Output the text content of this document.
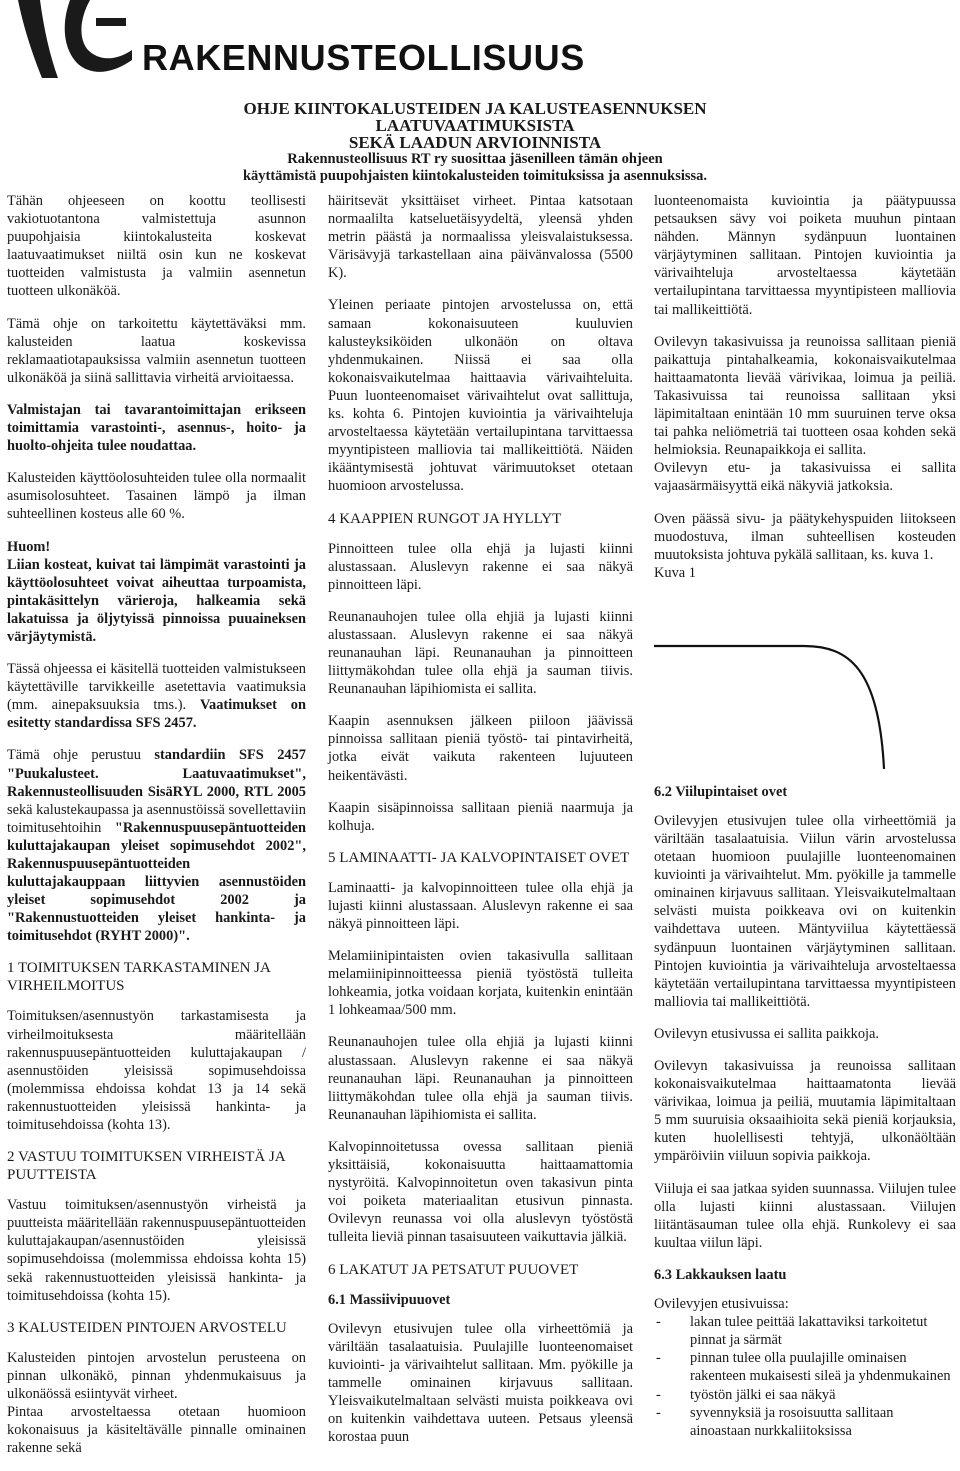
RAKENNUSTEOLLISUUS
OHJE KIINTOKALUSTEIDEN JA KALUSTEASENNUKSEN LAATUVAATIMUKSISTA
SEKÄ LAADUN ARVIOINNISTA
Rakennusteollisuus RT ry suosittaa jäsenilleen tämän ohjeen
käyttämistä puupohjaisten kiintokalusteiden toimituksissa ja asennuksissa.

Tähän ohjeeseen on koottu teollisesti vakiotuotantona valmistettuja asunnon puupohjaisia kiintokalusteita koskevat laatuvaatimukset niiltä osin kun ne koskevat tuotteiden valmistusta ja valmiin asennetun tuotteen ulkonäköä.

Tämä ohje on tarkoitettu käytettäväksi mm. kalusteiden laatua koskevissa reklamaatiotapauksissa valmiin asennetun tuotteen ulkonäköä ja siinä sallittavia virheitä arvioitaessa.

Valmistajan tai tavarantoimittajan erikseen toimittamia varastointi-, asennus-, hoito- ja huolto-ohjeita tulee noudattaa.

Kalusteiden käyttöolosuhteiden tulee olla normaalit asumisolosuhteet. Tasainen lämpö ja ilman suhteellinen kosteus alle 60 %.

Huom!

Liian kosteat, kuivat tai lämpimät varastointi ja käyttöolosuhteet voivat aiheuttaa turpoamista, pintakäsittelyn värieroja, halkeamia sekä lakatuissa ja öljytyissä pinnoissa puuaineksen värjäytymistä.

Tässä ohjeessa ei käsitellä tuotteiden valmistukseen käytettäville tarvikkeille asetettavia vaatimuksia (mm. ainepaksuuksia tms.). Vaatimukset on esitetty standardissa SFS 2457.

Tämä ohje perustuu standardiin SFS 2457 "Puukalusteet. Laatuvaatimukset", Rakennusteollisuuden SisäRYL 2000, RTL 2005 sekä kalustekaupassa ja asennustöissä sovellettaviin toimitusehtoihin "Rakennuspuusepäntuotteiden kuluttajakaupan yleiset sopimusehdot 2002", Rakennuspuusepäntuotteiden kuluttajakauppaan liittyvien asennustöiden yleiset sopimusehdot 2002 ja "Rakennustuotteiden yleiset hankinta- ja toimitusehdot (RYHT 2000)".

1 TOIMITUKSEN TARKASTAMINEN JA VIRHEILMOITUS

Toimituksen/asennustyön tarkastamisesta ja virheilmoituksesta määritellään rakennuspuusepäntuotteiden kuluttajakaupan / asennustöiden yleisissä sopimusehdoissa (molemmissa ehdoissa kohdat 13 ja 14 sekä rakennustuotteiden yleisissä hankinta- ja toimitusehdoissa (kohta 13).

2 VASTUU TOIMITUKSEN VIRHEISTÄ JA PUUTTEISTA

Vastuu toimituksen/asennustyön virheistä ja puutteista määritellään rakennuspuusepäntuotteiden kuluttajakaupan/asennustöiden yleisissä sopimusehdoissa (molemmissa ehdoissa kohta 15) sekä rakennustuotteiden yleisissä hankinta- ja toimitusehdoissa (kohta 15).

3 KALUSTEIDEN PINTOJEN ARVOSTELU

Kalusteiden pintojen arvostelun perusteena on pinnan ulkonäkö, pinnan yhdenmukaisuus ja ulkonäössä esiintyvät virheet.

Pintaa arvosteltaessa otetaan huomioon kokonaisuus ja käsiteltävälle pinnalle ominainen rakenne sekä

häiritsevät yksittäiset virheet. Pintaa katsotaan normaalilta katseluetäisyydeltä, yleensä yhden metrin päästä ja normaalissa yleisvalaistuksessa. Värisävyjä tarkastellaan aina päivänvalossa (5500 K).

Yleinen periaate pintojen arvostelussa on, että samaan kokonaisuuteen kuuluvien kalusteyksiköiden ulkonäön on oltava yhdenmukainen. Niissä ei saa olla kokonaisvaikutelmaa haittaavia värivaihteluita. Puun luonteenomaiset värivaihtelut ovat sallittuja, ks. kohta 6. Pintojen kuviointia ja värivaihteluja arvosteltaessa käytetään vertailupintana tarvittaessa myyntipisteen malliovia tai mallikeittiötä. Näiden ikääntymisestä johtuvat värimuutokset otetaan huomioon arvostelussa.

4 KAAPPIEN RUNGOT JA HYLLYT

Pinnoitteen tulee olla ehjä ja lujasti kiinni alustassaan. Aluslevyn rakenne ei saa näkyä pinnoitteen läpi.

Reunanauhojen tulee olla ehjiä ja lujasti kiinni alustassaan. Aluslevyn rakenne ei saa näkyä reunanauhan läpi. Reunanauhan ja pinnoitteen liittymäkohdan tulee olla ehjä ja sauman tiivis. Reunanauhan läpihiomista ei sallita.

Kaapin asennuksen jälkeen piiloon jäävissä pinnoissa sallitaan pieniä työstö- tai pintavirheitä, jotka eivät vaikuta rakenteen lujuuteen heikentävästi.

Kaapin sisäpinnoissa sallitaan pieniä naarmuja ja kolhuja.

5 LAMINAATTI- JA KALVOPINTAISET OVET

Laminaatti- ja kalvopinnoitteen tulee olla ehjä ja lujasti kiinni alustassaan. Aluslevyn rakenne ei saa näkyä pinnoitteen läpi.

Melamiinipintaisten ovien takasivulla sallitaan melamiinipinnoitteessa pieniä työstöstä tulleita lohkeamia, jotka voidaan korjata, kuitenkin enintään 1 lohkeamaa/500 mm.

Reunanauhojen tulee olla ehjiä ja lujasti kiinni alustassaan. Aluslevyn rakenne ei saa näkyä reunanauhan läpi. Reunanauhan ja pinnoitteen liittymäkohdan tulee olla ehjä ja sauman tiivis. Reunanauhan läpihiomista ei sallita.

Kalvopinnoitetussa ovessa sallitaan pieniä yksittäisiä, kokonaisuutta haittaamattomia nystyröitä. Kalvopinnoitetun oven takasivun pinta voi poiketa materiaalitan etusivun pinnasta. Ovilevyn reunassa voi olla aluslevyn työstöstä tulleita lieviä pinnan tasaisuuteen vaikuttavia jälkiä.

6 LAKATUT JA PETSATUT PUUOVET
6.1 Massiivipuuovet

Ovilevyn etusivujen tulee olla virheettömiä ja väriltään tasalaatuisia. Puulajille luonteenomaiset kuviointi- ja värivaihtelut sallitaan. Mm. pyökille ja tammelle ominainen kirjavuus sallitaan. Yleisvaikutelmaltaan selvästi muista poikkeava ovi on kuitenkin vaihdettava uuteen. Petsaus yleensä korostaa puun

luonteenomaista kuviointia ja päätypuussa petsauksen sävy voi poiketa muuhun pintaan nähden. Männyn sydänpuun luontainen värjäytyminen sallitaan. Pintojen kuviointia ja värivaihteluja arvosteltaessa käytetään vertailupintana tarvittaessa myyntipisteen malliovia tai mallikeittiötä.

Ovilevyn takasivuissa ja reunoissa sallitaan pieniä paikattuja pintahalkeamia, kokonaisvaikutelmaa haittaamatonta lievää värivikaa, loimua ja peiliä. Takasivuissa tai reunoissa sallitaan yksi läpimitaltaan enintään 10 mm suuruinen terve oksa tai pahka neliömetriä tai tuotteen osaa kohden sekä helmioksia. Reunapaikkoja ei sallita.

Ovilevyn etu- ja takasivuissa ei sallita vajaasärmäisyyttä eikä näkyviä jatkoksia.

Oven päässä sivu- ja päätykehyspuiden liitokseen muodostuva, ilman suhteellisen kosteuden muutoksista johtuva pykälä sallitaan, ks. kuva 1.

Kuva 1
6.2 Viilupintaiset ovet

Ovilevyjen etusivujen tulee olla virheettömiä ja väriltään tasalaatuisia. Viilun värin arvostelussa otetaan huomioon puulajille luonteenomainen kuviointi ja värivaihtelut. Mm. pyökille ja tammelle ominainen kirjavuus sallitaan. Yleisvaikutelmaltaan selvästi muista poikkeava ovi on kuitenkin vaihdettava uuteen. Mäntyviilua käytettäessä sydänpuun luontainen värjäytyminen sallitaan. Pintojen kuviointia ja värivaihteluja arvosteltaessa käytetään vertailupintana tarvittaessa myyntipisteen malliovia tai mallikeittiötä.

Ovilevyn etusivussa ei sallita paikkoja.

Ovilevyn takasivuissa ja reunoissa sallitaan kokonaisvaikutelmaa haittaamatonta lievää värivikaa, loimua ja peiliä, muutamia läpimitaltaan 5 mm suuruisia oksaaihioita sekä pieniä korjauksia, kuten huolellisesti tehtyjä, ulkonäöltään ympäröiviin viiluun sopivia paikkoja.

Viiluja ei saa jatkaa syiden suunnassa. Viilujen tulee olla lujasti kiinni alustassaan. Viilujen liitäntäsauman tulee olla ehjä. Runkolevy ei saa kuultaa viilun läpi.

6.3 Lakkauksen laatu

Ovilevyjen etusivuissa:

- lakan tulee peittää lakattaviksi tarkoitetut pinnat ja särmät
- pinnan tulee olla puulajille ominaisen rakenteen mukaisesti sileä ja yhdenmukainen
- työstön jälki ei saa näkyä
- syvennyksiä ja rosoisuutta sallitaan ainoastaan nurkkaliitoksissa
